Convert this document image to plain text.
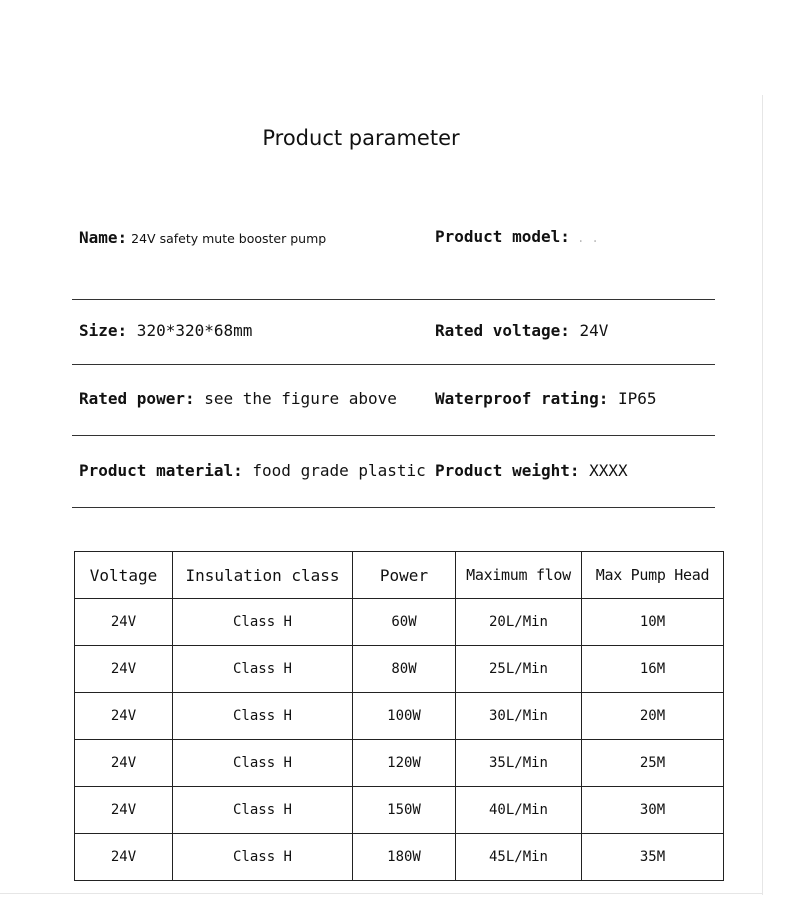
Product parameter
Name: 24V safety mute booster pump	Product model: . .
Size: 320*320*68mm	Rated voltage: 24V
Rated power: see the figure above Waterproof rating: IP65
Product material: food grade plastic Product weight: XXXX
Voltage	Insulation class	Power	Maximum flow	Max Pump Head
24V	Class H	60W	20L/Min	10M
24V	Class H	80W	25L/Min	16M
24V	Class H	100W	30L/Min	20M
24V	Class H	120W	35L/Min	25M
24V	Class H	150W	40L/Min	30M
24V	Class H	180W	45L/Min	35M
